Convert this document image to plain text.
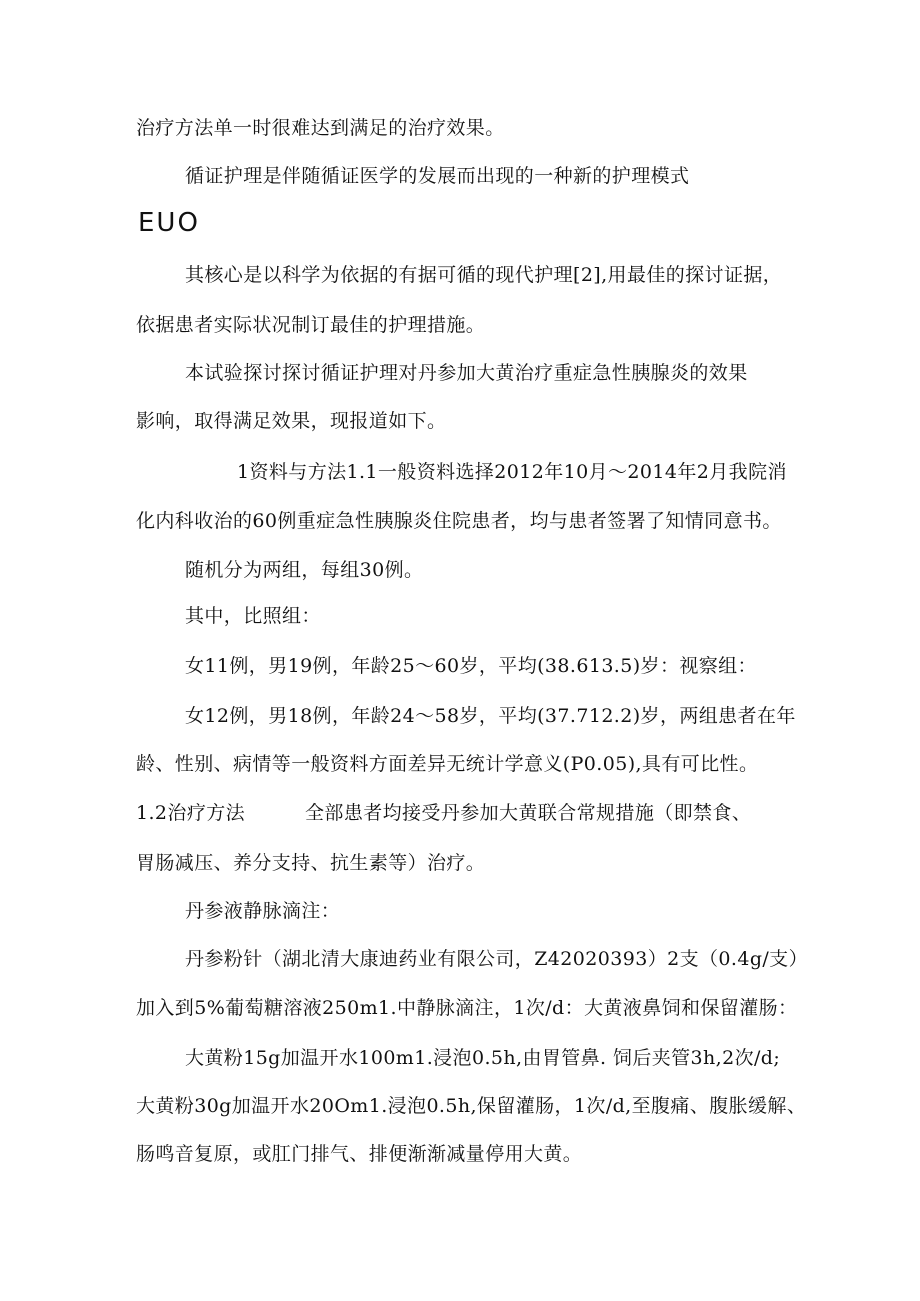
治疗方法单一时很难达到满足的治疗效果。
循证护理是伴随循证医学的发展而出现的一种新的护理模式
EUO
其核心是以科学为依据的有据可循的现代护理[2],用最佳的探讨证据，
依据患者实际状况制订最佳的护理措施。
本试验探讨探讨循证护理对丹参加大黄治疗重症急性胰腺炎的效果
影响，取得满足效果，现报道如下。
1资料与方法1.1一般资料选择2012年10月～2014年2月我院消
化内科收治的60例重症急性胰腺炎住院患者，均与患者签署了知情同意书。
随机分为两组，每组30例。
其中，比照组：
女11例，男19例，年龄25～60岁，平均(38.613.5)岁：视察组：
女12例，男18例，年龄24～58岁，平均(37.712.2)岁，两组患者在年
龄、性别、病情等一般资料方面差异无统计学意义(P0.05),具有可比性。
1.2治疗方法	全部患者均接受丹参加大黄联合常规措施（即禁食、
胃肠减压、养分支持、抗生素等）治疗。
丹参液静脉滴注：
丹参粉针（湖北清大康迪药业有限公司，Z42020393）2支（0.4g/支）
加入到5%葡萄糖溶液250m1.中静脉滴注，1次/d：大黄液鼻饲和保留灌肠：
大黄粉15g加温开水100m1.浸泡0.5h,由胃管鼻. 饲后夹管3h,2次/d;
大黄粉30g加温开水20Om1.浸泡0.5h,保留灌肠，1次/d,至腹痛、腹胀缓解、
肠鸣音复原，或肛门排气、排便渐渐减量停用大黄。
